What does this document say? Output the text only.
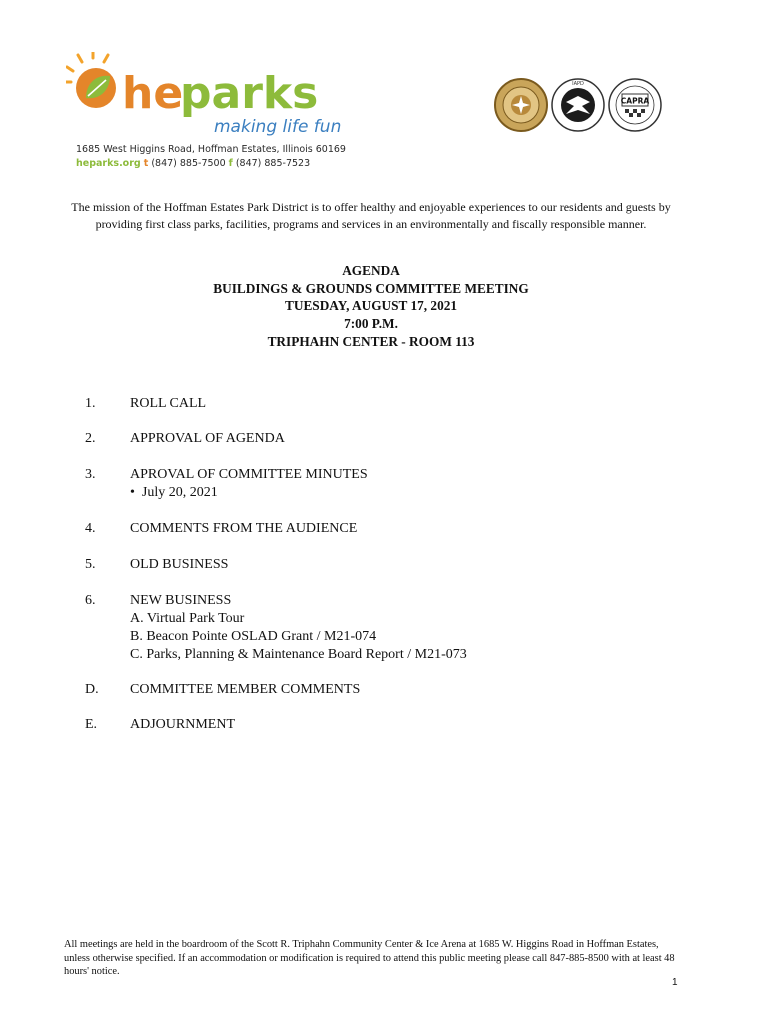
he
parks
making life fun
1685 West Higgins Road, Hoffman Estates, Illinois 60169
heparks.org t (847) 885-7500 f (847) 885-7523
IAPD
CAPRA
The mission of the Hoffman Estates Park District is to offer healthy and enjoyable experiences to our residents and guests by providing first class parks, facilities, programs and services in an environmentally and fiscally responsible manner.
AGENDA
BUILDINGS & GROUNDS COMMITTEE MEETING
TUESDAY, AUGUST 17, 2021
7:00 P.M.
TRIPHAHN CENTER - ROOM 113
1. ROLL CALL
2. APPROVAL OF AGENDA
3. APROVAL OF COMMITTEE MINUTES
•  July 20, 2021
4. COMMENTS FROM THE AUDIENCE
5. OLD BUSINESS
6. NEW BUSINESS
A. Virtual Park Tour
B. Beacon Pointe OSLAD Grant / M21-074
C. Parks, Planning & Maintenance Board Report / M21-073
D. COMMITTEE MEMBER COMMENTS
E. ADJOURNMENT
All meetings are held in the boardroom of the Scott R. Triphahn Community Center & Ice Arena at 1685 W. Higgins Road in Hoffman Estates, unless otherwise specified. If an accommodation or modification is required to attend this public meeting please call 847-885-8500 with at least 48 hours' notice.
1
